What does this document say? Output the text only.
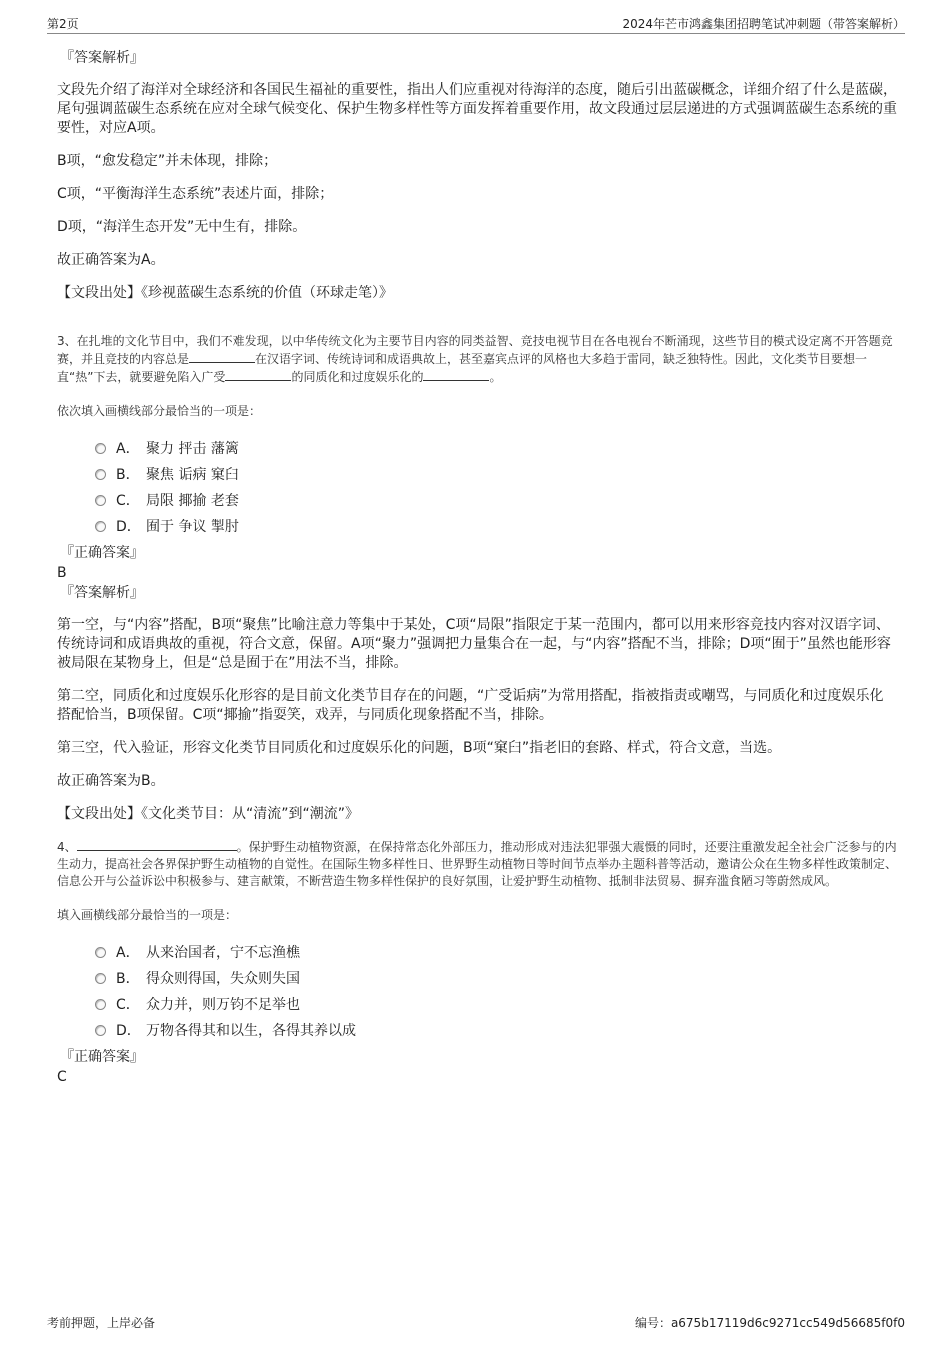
第2页	2024年芒市鸿鑫集团招聘笔试冲刺题（带答案解析）

『答案解析』

文段先介绍了海洋对全球经济和各国民生福祉的重要性，指出人们应重视对待海洋的态度，随后引出蓝碳概念，详细介绍了什么是蓝碳，尾句强调蓝碳生态系统在应对全球气候变化、保护生物多样性等方面发挥着重要作用，故文段通过层层递进的方式强调蓝碳生态系统的重要性，对应A项。

B项，“愈发稳定”并未体现，排除；

C项，“平衡海洋生态系统”表述片面，排除；

D项，“海洋生态开发”无中生有，排除。

故正确答案为A。

【文段出处】《珍视蓝碳生态系统的价值（环球走笔）》

3、在扎堆的文化节目中，我们不难发现，以中华传统文化为主要节目内容的同类益智、竞技电视节目在各电视台不断涌现，这些节目的模式设定离不开答题竞赛，并且竞技的内容总是	在汉语字词、传统诗词和成语典故上，甚至嘉宾点评的风格也大多趋于雷同，缺乏独特性。因此，文化类节目要想一直“热”下去，就要避免陷入广受	的同质化和过度娱乐化的	。

依次填入画横线部分最恰当的一项是：

A． 聚力 抨击 藩篱
B． 聚焦 诟病 窠臼
C． 局限 揶揄 老套
D． 囿于 争议 掣肘

『正确答案』

B

『答案解析』

第一空，与“内容”搭配，B项“聚焦”比喻注意力等集中于某处，C项“局限”指限定于某一范围内，都可以用来形容竞技内容对汉语字词、传统诗词和成语典故的重视，符合文意，保留。A项“聚力”强调把力量集合在一起，与“内容”搭配不当，排除；D项“囿于”虽然也能形容被局限在某物身上，但是“总是囿于在”用法不当，排除。

第二空，同质化和过度娱乐化形容的是目前文化类节目存在的问题，“广受诟病”为常用搭配，指被指责或嘲骂，与同质化和过度娱乐化搭配恰当，B项保留。C项“揶揄”指耍笑，戏弄，与同质化现象搭配不当，排除。

第三空，代入验证，形容文化类节目同质化和过度娱乐化的问题，B项“窠臼”指老旧的套路、样式，符合文意，当选。

故正确答案为B。

【文段出处】《文化类节目：从“清流”到“潮流”》

4、	。保护野生动植物资源，在保持常态化外部压力，推动形成对违法犯罪强大震慑的同时，还要注重激发起全社会广泛参与的内生动力，提高社会各界保护野生动植物的自觉性。在国际生物多样性日、世界野生动植物日等时间节点举办主题科普等活动，邀请公众在生物多样性政策制定、信息公开与公益诉讼中积极参与、建言献策，不断营造生物多样性保护的良好氛围，让爱护野生动植物、抵制非法贸易、摒弃滥食陋习等蔚然成风。

填入画横线部分最恰当的一项是：

A． 从来治国者，宁不忘渔樵
B． 得众则得国，失众则失国
C． 众力并，则万钧不足举也
D． 万物各得其和以生，各得其养以成

『正确答案』

C

考前押题，上岸必备	编号：a675b17119d6c9271cc549d56685f0f0
